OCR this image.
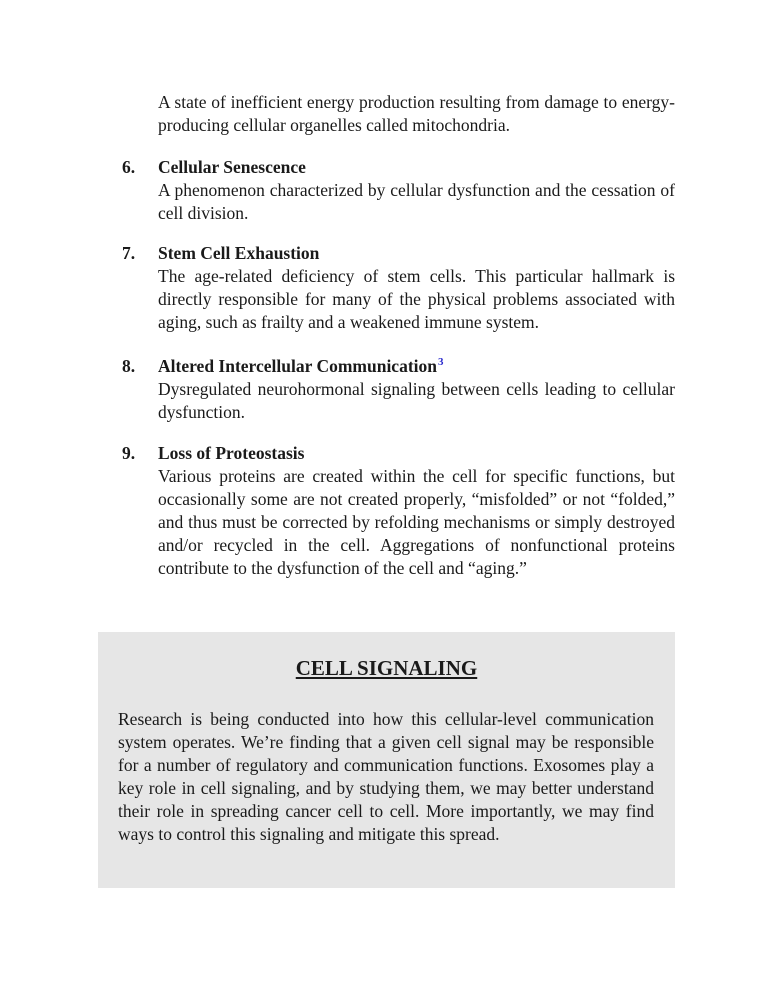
A state of inefficient energy production resulting from damage to energy-producing cellular organelles called mitochondria.

6. Cellular Senescence

A phenomenon characterized by cellular dysfunction and the cessation of cell division.

7. Stem Cell Exhaustion

The age-related deficiency of stem cells. This particular hallmark is directly responsible for many of the physical problems associated with aging, such as frailty and a weakened immune system.

8. Altered Intercellular Communication$^3$

Dysregulated neurohormonal signaling between cells leading to cellular dysfunction.

9. Loss of Proteostasis

Various proteins are created within the cell for specific functions, but occasionally some are not created properly, “misfolded” or not “folded,” and thus must be corrected by refolding mechanisms or simply destroyed and/or recycled in the cell. Aggregations of nonfunctional proteins contribute to the dysfunction of the cell and “aging.”

CELL SIGNALING

Research is being conducted into how this cellular-level communication system operates. We’re finding that a given cell signal may be responsible for a number of regulatory and communication functions. Exosomes play a key role in cell signaling, and by studying them, we may better understand their role in spreading cancer cell to cell. More importantly, we may find ways to control this signaling and mitigate this spread.
